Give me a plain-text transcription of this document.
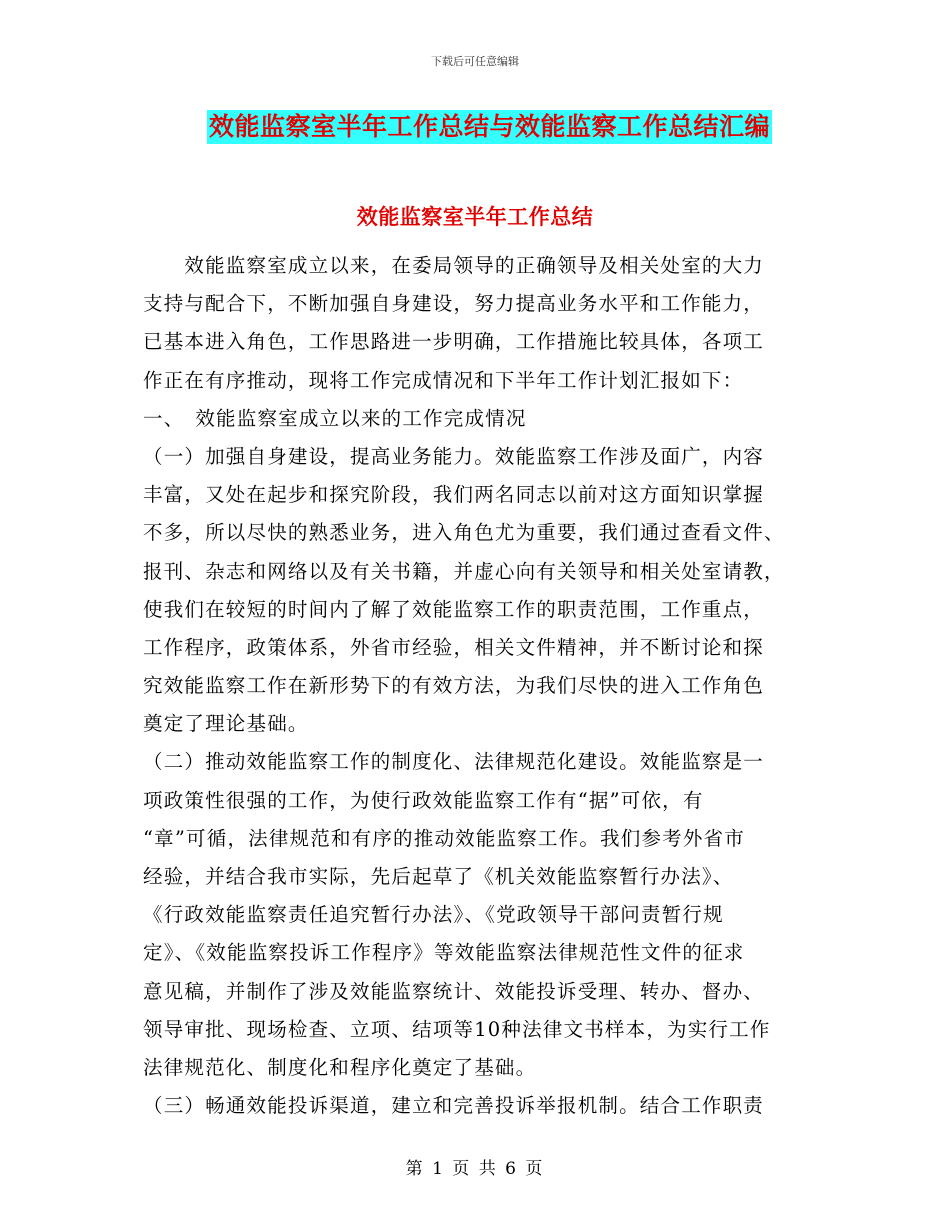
下载后可任意编辑
效能监察室半年工作总结与效能监察工作总结汇编
效能监察室半年工作总结
　　效能监察室成立以来，在委局领导的正确领导及相关处室的大力
支持与配合下，不断加强自身建设，努力提高业务水平和工作能力，
已基本进入角色，工作思路进一步明确，工作措施比较具体，各项工
作正在有序推动，现将工作完成情况和下半年工作计划汇报如下：
一、　效能监察室成立以来的工作完成情况
（一）加强自身建设，提高业务能力。效能监察工作涉及面广，内容
丰富，又处在起步和探究阶段，我们两名同志以前对这方面知识掌握
不多，所以尽快的熟悉业务，进入角色尤为重要，我们通过查看文件、
报刊、杂志和网络以及有关书籍，并虚心向有关领导和相关处室请教，
使我们在较短的时间内了解了效能监察工作的职责范围，工作重点，
工作程序，政策体系，外省市经验，相关文件精神，并不断讨论和探
究效能监察工作在新形势下的有效方法，为我们尽快的进入工作角色
奠定了理论基础。
（二）推动效能监察工作的制度化、法律规范化建设。效能监察是一
项政策性很强的工作，为使行政效能监察工作有“据”可依，有
“章”可循，法律规范和有序的推动效能监察工作。我们参考外省市
经验，并结合我市实际，先后起草了《机关效能监察暂行办法》、
《行政效能监察责任追究暂行办法》、《党政领导干部问责暂行规
定》、《效能监察投诉工作程序》等效能监察法律规范性文件的征求
意见稿，并制作了涉及效能监察统计、效能投诉受理、转办、督办、
领导审批、现场检查、立项、结项等10种法律文书样本，为实行工作
法律规范化、制度化和程序化奠定了基础。
（三）畅通效能投诉渠道，建立和完善投诉举报机制。结合工作职责
第 1 页 共 6 页
